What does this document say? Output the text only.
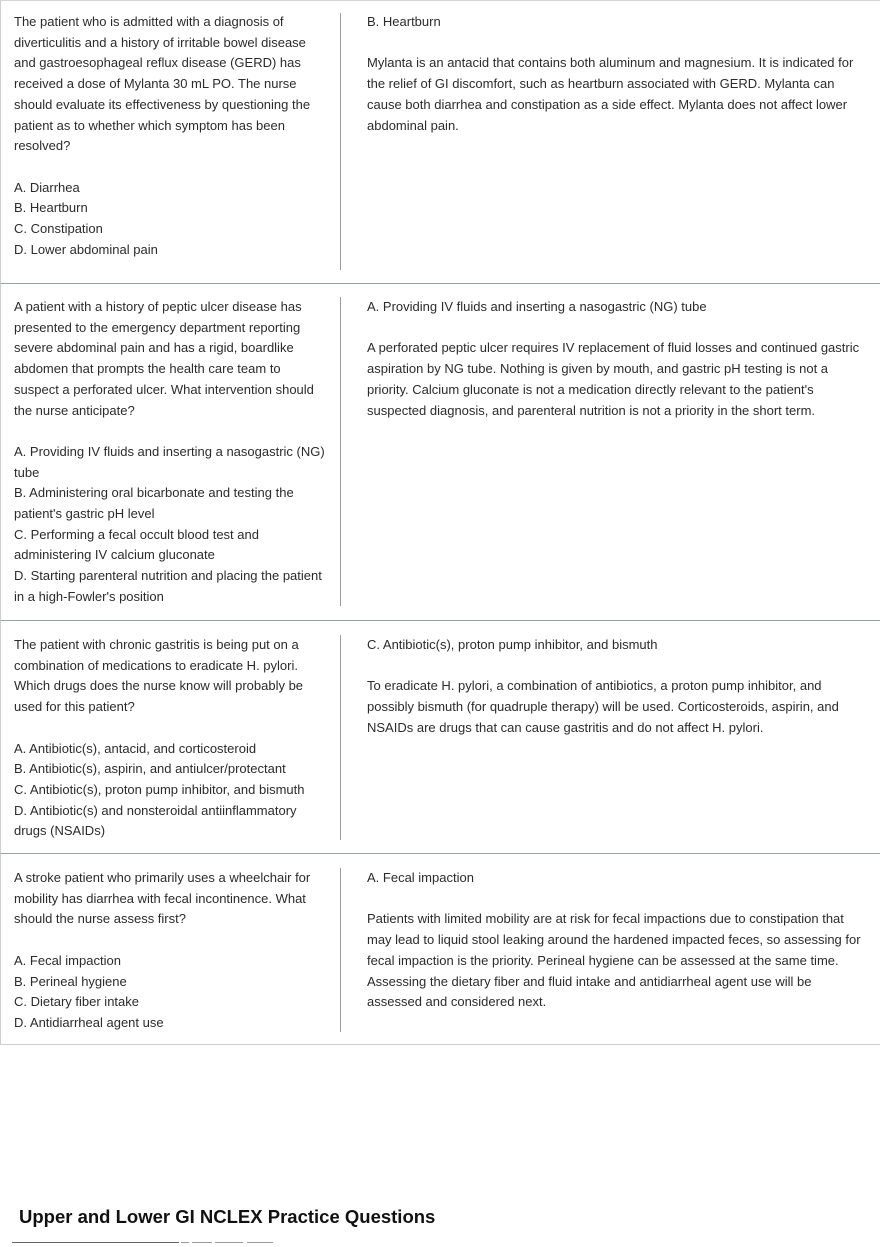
The patient who is admitted with a diagnosis of diverticulitis and a history of irritable bowel disease and gastroesophageal reflux disease (GERD) has received a dose of Mylanta 30 mL PO. The nurse should evaluate its effectiveness by questioning the patient as to whether which symptom has been resolved?

A. Diarrhea

B. Heartburn

C. Constipation

D. Lower abdominal pain

B. Heartburn

Mylanta is an antacid that contains both aluminum and magnesium. It is indicated for the relief of GI discomfort, such as heartburn associated with GERD. Mylanta can cause both diarrhea and constipation as a side effect. Mylanta does not affect lower abdominal pain.

A patient with a history of peptic ulcer disease has presented to the emergency department reporting severe abdominal pain and has a rigid, boardlike abdomen that prompts the health care team to suspect a perforated ulcer. What intervention should the nurse anticipate?

A. Providing IV fluids and inserting a nasogastric (NG) tube

B. Administering oral bicarbonate and testing the patient's gastric pH level

C. Performing a fecal occult blood test and administering IV calcium gluconate

D. Starting parenteral nutrition and placing the patient in a high-Fowler's position

A. Providing IV fluids and inserting a nasogastric (NG) tube

A perforated peptic ulcer requires IV replacement of fluid losses and continued gastric aspiration by NG tube. Nothing is given by mouth, and gastric pH testing is not a priority. Calcium gluconate is not a medication directly relevant to the patient's suspected diagnosis, and parenteral nutrition is not a priority in the short term.

The patient with chronic gastritis is being put on a combination of medications to eradicate H. pylori. Which drugs does the nurse know will probably be used for this patient?

A. Antibiotic(s), antacid, and corticosteroid

B. Antibiotic(s), aspirin, and antiulcer/protectant

C. Antibiotic(s), proton pump inhibitor, and bismuth

D. Antibiotic(s) and nonsteroidal antiinflammatory drugs (NSAIDs)

C. Antibiotic(s), proton pump inhibitor, and bismuth

To eradicate H. pylori, a combination of antibiotics, a proton pump inhibitor, and possibly bismuth (for quadruple therapy) will be used. Corticosteroids, aspirin, and NSAIDs are drugs that can cause gastritis and do not affect H. pylori.

A stroke patient who primarily uses a wheelchair for mobility has diarrhea with fecal incontinence. What should the nurse assess first?

A. Fecal impaction

B. Perineal hygiene

C. Dietary fiber intake

D. Antidiarrheal agent use

A. Fecal impaction

Patients with limited mobility are at risk for fecal impactions due to constipation that may lead to liquid stool leaking around the hardened impacted feces, so assessing for fecal impaction is the priority. Perineal hygiene can be assessed at the same time. Assessing the dietary fiber and fluid intake and antidiarrheal agent use will be assessed and considered next.

Upper and Lower GI NCLEX Practice Questions
